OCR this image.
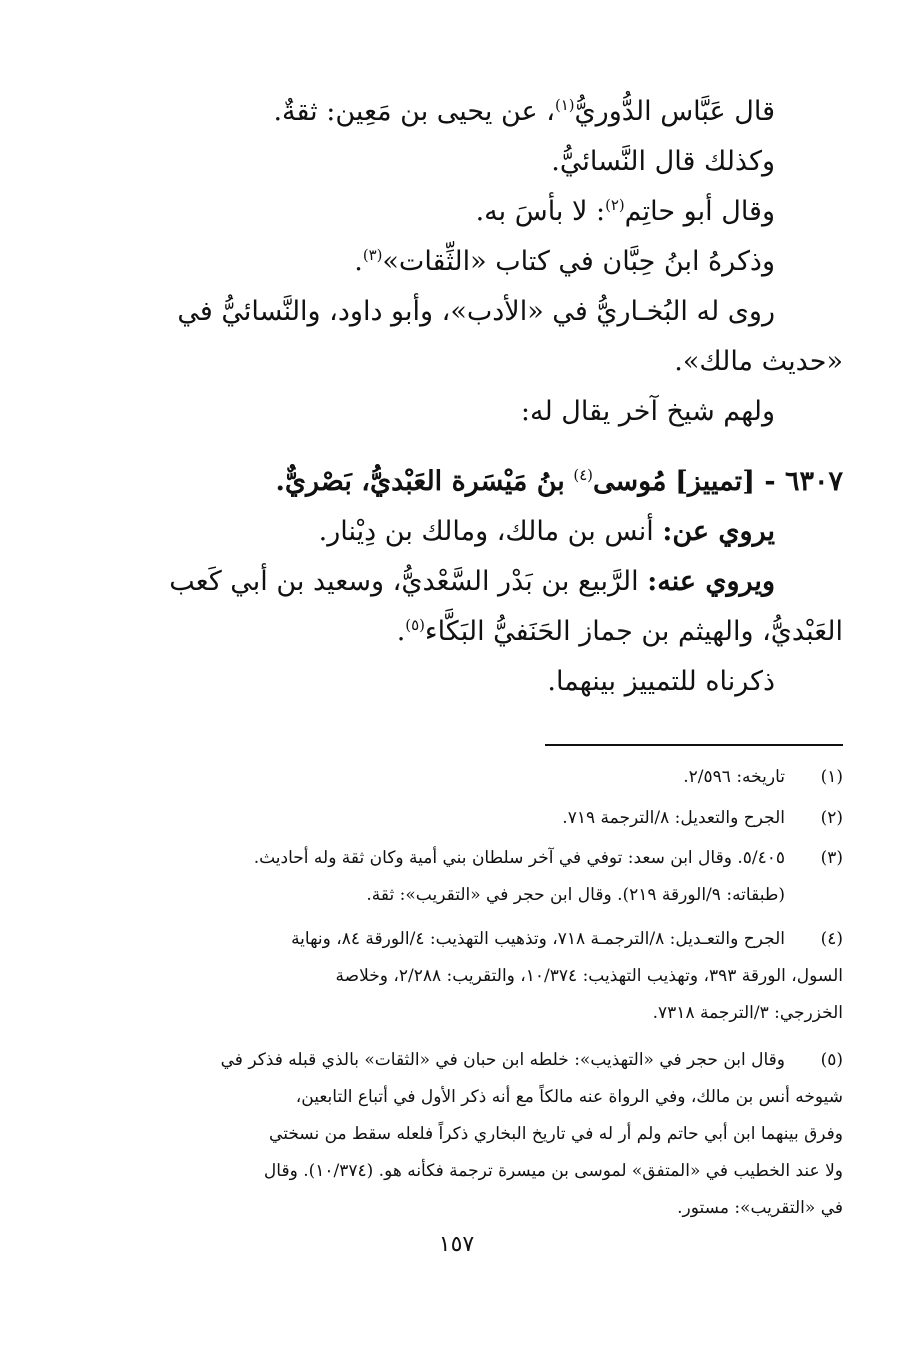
قال عَبَّاس الدُّوريُّ$^{(١)}$، عن يحيى بن مَعِين: ثقةٌ.
وكذلك قال النَّسائيُّ.
وقال أبو حاتِم$^{(٢)}$: لا بأسَ به.
وذكرهُ ابنُ حِبَّان في كتاب «الثِّقات»$^{(٣)}$.
روى له البُخـاريُّ في «الأدب»، وأبو داود، والنَّسائيُّ في
«حديث مالك».
ولهم شيخ آخر يقال له:
٦٣٠٧ - [تمييز] مُوسى$^{(٤)}$ بنُ مَيْسَرة العَبْديُّ، بَصْريٌّ.
يروي عن: أنس بن مالك، ومالك بن دِيْنار.
ويروي عنه: الرَّبيع بن بَدْر السَّعْديُّ، وسعيد بن أبي كَعب
العَبْديُّ، والهيثم بن جماز الحَنَفيُّ البَكَّاء$^{(٥)}$.
ذكرناه للتمييز بينهما.
(١)
تاريخه: ٢/٥٩٦.
(٢)
الجرح والتعديل: ٨/الترجمة ٧١٩.
(٣)
٥/٤٠٥. وقال ابن سعد: توفي في آخر سلطان بني أمية وكان ثقة وله أحاديث.
(طبقاته: ٩/الورقة ٢١٩). وقال ابن حجر في «التقريب»: ثقة.
(٤)
الجرح والتعـديل: ٨/الترجمـة ٧١٨، وتذهيب التهذيب: ٤/الورقة ٨٤، ونهاية
السول، الورقة ٣٩٣، وتهذيب التهذيب: ١٠/٣٧٤، والتقريب: ٢/٢٨٨، وخلاصة
الخزرجي: ٣/الترجمة ٧٣١٨.
(٥)
وقال ابن حجر في «التهذيب»: خلطه ابن حبان في «الثقات» بالذي قبله فذكر في
شيوخه أنس بن مالك، وفي الرواة عنه مالكاً مع أنه ذكر الأول في أتباع التابعين،
وفرق بينهما ابن أبي حاتم ولم أر له في تاريخ البخاري ذكراً فلعله سقط من نسختي
ولا عند الخطيب في «المتفق» لموسى بن ميسرة ترجمة فكأنه هو. (١٠/٣٧٤). وقال
في «التقريب»: مستور.
١٥٧
